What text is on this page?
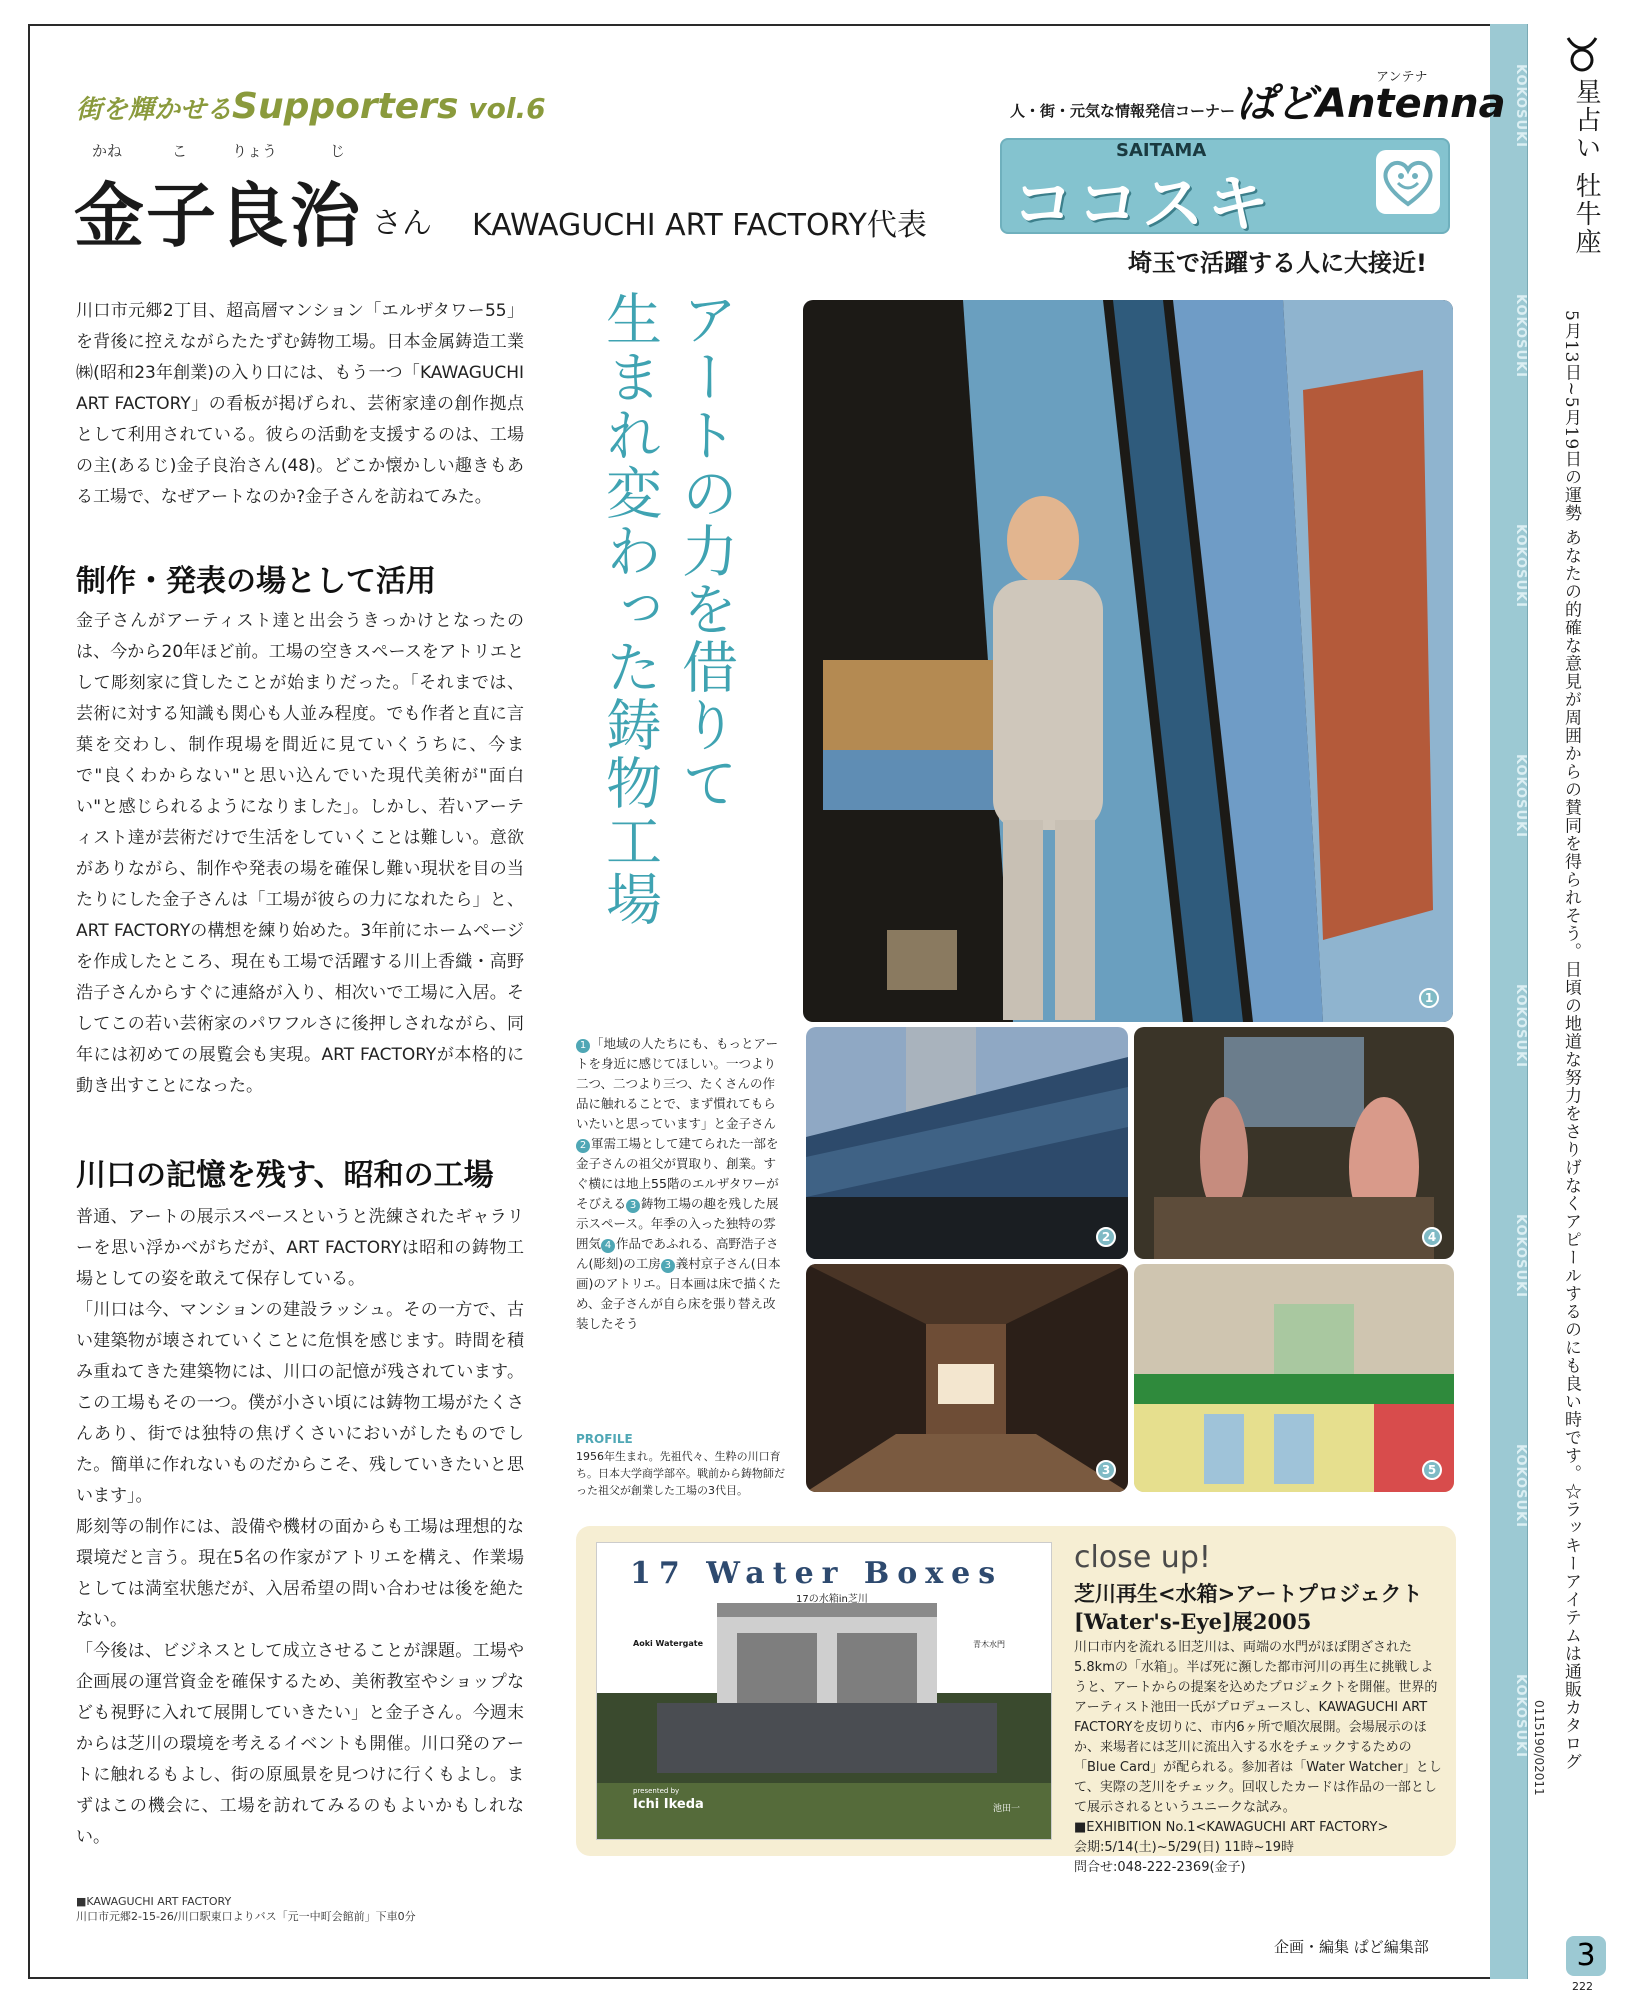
KOKOSUKI
KOKOSUKI
KOKOSUKI
KOKOSUKI
KOKOSUKI
KOKOSUKI
KOKOSUKI
KOKOSUKI
街を輝かせるSupporters vol.6
かね	こ	りょう	じ
金子良治 さん KAWAGUCHI ART FACTORY代表
人・街・元気な情報発信コーナー ぱどAntenna
アンテナ
SAITAMA
ココスキ
埼玉で活躍する人に大接近!
川口市元郷2丁目、超高層マンション「エルザタワー55」を背後に控えながらたたずむ鋳物工場。日本金属鋳造工業㈱(昭和23年創業)の入り口には、もう一つ「KAWAGUCHI ART FACTORY」の看板が掲げられ、芸術家達の創作拠点として利用されている。彼らの活動を支援するのは、工場の主(あるじ)金子良治さん(48)。どこか懐かしい趣きもある工場で、なぜアートなのか?金子さんを訪ねてみた。
制作・発表の場として活用
金子さんがアーティスト達と出会うきっかけとなったのは、今から20年ほど前。工場の空きスペースをアトリエとして彫刻家に貸したことが始まりだった。「それまでは、芸術に対する知識も関心も人並み程度。でも作者と直に言葉を交わし、制作現場を間近に見ていくうちに、今まで"良くわからない"と思い込んでいた現代美術が"面白い"と感じられるようになりました」。しかし、若いアーティスト達が芸術だけで生活をしていくことは難しい。意欲がありながら、制作や発表の場を確保し難い現状を目の当たりにした金子さんは「工場が彼らの力になれたら」と、ART FACTORYの構想を練り始めた。3年前にホームページを作成したところ、現在も工場で活躍する川上香織・高野浩子さんからすぐに連絡が入り、相次いで工場に入居。そしてこの若い芸術家のパワフルさに後押しされながら、同年には初めての展覧会も実現。ART FACTORYが本格的に動き出すことになった。
川口の記憶を残す、昭和の工場

普通、アートの展示スペースというと洗練されたギャラリーを思い浮かべがちだが、ART FACTORYは昭和の鋳物工場としての姿を敢えて保存している。

「川口は今、マンションの建設ラッシュ。その一方で、古い建築物が壊されていくことに危惧を感じます。時間を積み重ねてきた建築物には、川口の記憶が残されています。この工場もその一つ。僕が小さい頃には鋳物工場がたくさんあり、街では独特の焦げくさいにおいがしたものでした。簡単に作れないものだからこそ、残していきたいと思います」。

彫刻等の制作には、設備や機材の面からも工場は理想的な環境だと言う。現在5名の作家がアトリエを構え、作業場としては満室状態だが、入居希望の問い合わせは後を絶たない。

「今後は、ビジネスとして成立させることが課題。工場や企画展の運営資金を確保するため、美術教室やショップなども視野に入れて展開していきたい」と金子さん。今週末からは芝川の環境を考えるイベントも開催。川口発のアートに触れるもよし、街の原風景を見つけに行くもよし。まずはこの機会に、工場を訪れてみるのもよいかもしれない。

アートの力を借りて
生まれ変わった鋳物工場
1
2	4
3	5
1 「地域の人たちにも、もっとアートを身近に感じてほしい。一つより二つ、二つより三つ、たくさんの作品に触れることで、まず慣れてもらいたいと思っています」と金子さん2 軍需工場として建てられた一部を金子さんの祖父が買取り、創業。すぐ横には地上55階のエルザタワーがそびえる 3 鋳物工場の趣を残した展示スペース。年季の入った独特の雰囲気 4 作品であふれる、高野浩子さん(彫刻)の工房 3 義村京子さん(日本画)のアトリエ。日本画は床で描くため、金子さんが自ら床を張り替え改装したそう
PROFILE
1956年生まれ。先祖代々、生粋の川口育ち。日本大学商学部卒。戦前から鋳物師だった祖父が創業した工場の3代目。
Aoki Watergate	青木水門
presented by
Ichi Ikeda	池田一
17 Water Boxes
17の水箱in芝川
close up!
芝川再生<水箱>アートプロジェクト
[Water's-Eye]展2005
川口市内を流れる旧芝川は、両端の水門がほぼ閉ざされた5.8kmの「水箱」。半ば死に瀕した都市河川の再生に挑戦しようと、アートからの提案を込めたプロジェクトを開催。世界的アーティスト池田一氏がプロデュースし、KAWAGUCHI ART FACTORYを皮切りに、市内6ヶ所で順次展開。会場展示のほか、来場者には芝川に流出入する水をチェックするための「Blue Card」が配られる。参加者は「Water Watcher」として、実際の芝川をチェック。回収したカードは作品の一部として展示されるというユニークな試み。
■EXHIBITION No.1<KAWAGUCHI ART FACTORY>
会期:5/14(土)~5/29(日) 11時~19時
問合せ:048-222-2369(金子)
■KAWAGUCHI ART FACTORY
川口市元郷2-15-26/川口駅東口よりバス「元一中町会館前」下車0分
企画・編集 ぱど編集部
星占い 牡牛座
5月13日~5月19日の運勢 あなたの的確な意見が周囲からの賛同を得られそう。日頃の地道な努力をさりげなくアピールするのにも良い時です。☆ラッキーアイテムは通販カタログ
0115190/02011
3
222
